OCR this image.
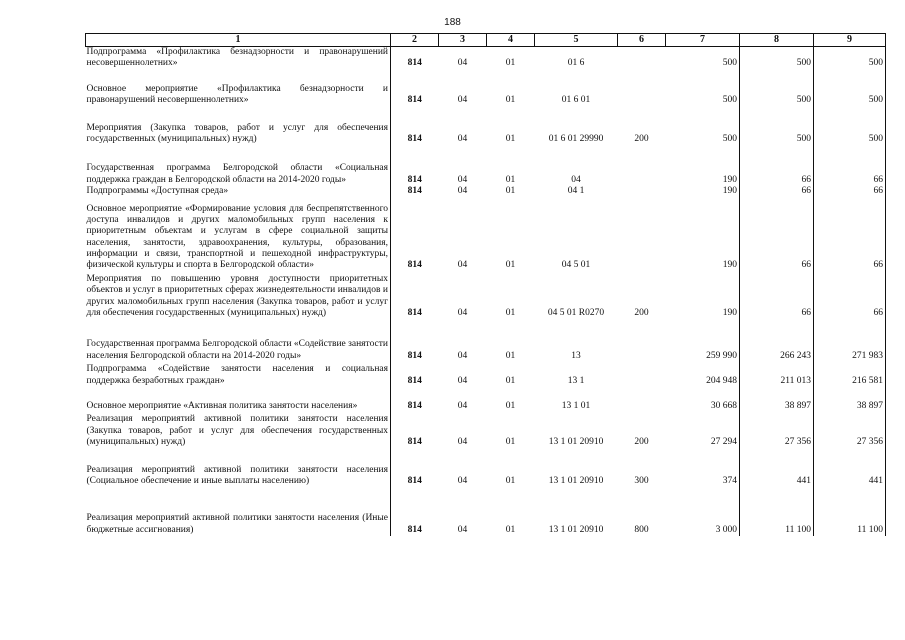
188
1	2	3	4	5	6	7	8	9
Подпрограмма «Профилактика безнадзорности и правонарушений несовершеннолетних»	814	04	01	01 6		500	500	500

Основное мероприятие «Профилактика безнадзорности и правонарушений несовершеннолетних»	814	04	01	01 6 01		500	500	500

Мероприятия (Закупка товаров, работ и услуг для обеспечения государственных (муниципальных) нужд)	814	04	01	01 6 01 29990	200	500	500	500

Государственная программа Белгородской области «Социальная поддержка граждан в Белгородской области на 2014-2020 годы»	814	04	01	04		190	66	66
Подпрограммы «Доступная среда»	814	04	01	04 1		190	66	66

Основное мероприятие «Формирование условия для беспрепятственного доступа инвалидов и других маломобильных групп населения к приоритетным объектам и услугам в сфере социальной защиты населения, занятости, здравоохранения, культуры, образования, информации и связи, транспортной и пешеходной инфраструктуры, физической культуры и спорта в Белгородской области»	814	04	01	04 5 01		190	66	66

Мероприятия по повышению уровня доступности приоритетных объектов и услуг в приоритетных сферах жизнедеятельности инвалидов и других маломобильных групп населения (Закупка товаров, работ и услуг для обеспечения государственных (муниципальных) нужд)	814	04	01	04 5 01 R0270	200	190	66	66

Государственная программа Белгородской области «Содействие занятости населения Белгородской области на 2014-2020 годы»	814	04	01	13		259 990	266 243	271 983

Подпрограмма «Содействие занятости населения и социальная поддержка безработных граждан»	814	04	01	13 1		204 948	211 013	216 581

Основное мероприятие «Активная политика занятости населения»	814	04	01	13 1 01		30 668	38 897	38 897

Реализация мероприятий активной политики занятости населения (Закупка товаров, работ и услуг для обеспечения государственных (муниципальных) нужд)	814	04	01	13 1 01 20910	200	27 294	27 356	27 356

Реализация мероприятий активной политики занятости населения (Социальное обеспечение и иные выплаты населению)	814	04	01	13 1 01 20910	300	374	441	441

Реализация мероприятий активной политики занятости населения (Иные бюджетные ассигнования)	814	04	01	13 1 01 20910	800	3 000	11 100	11 100
